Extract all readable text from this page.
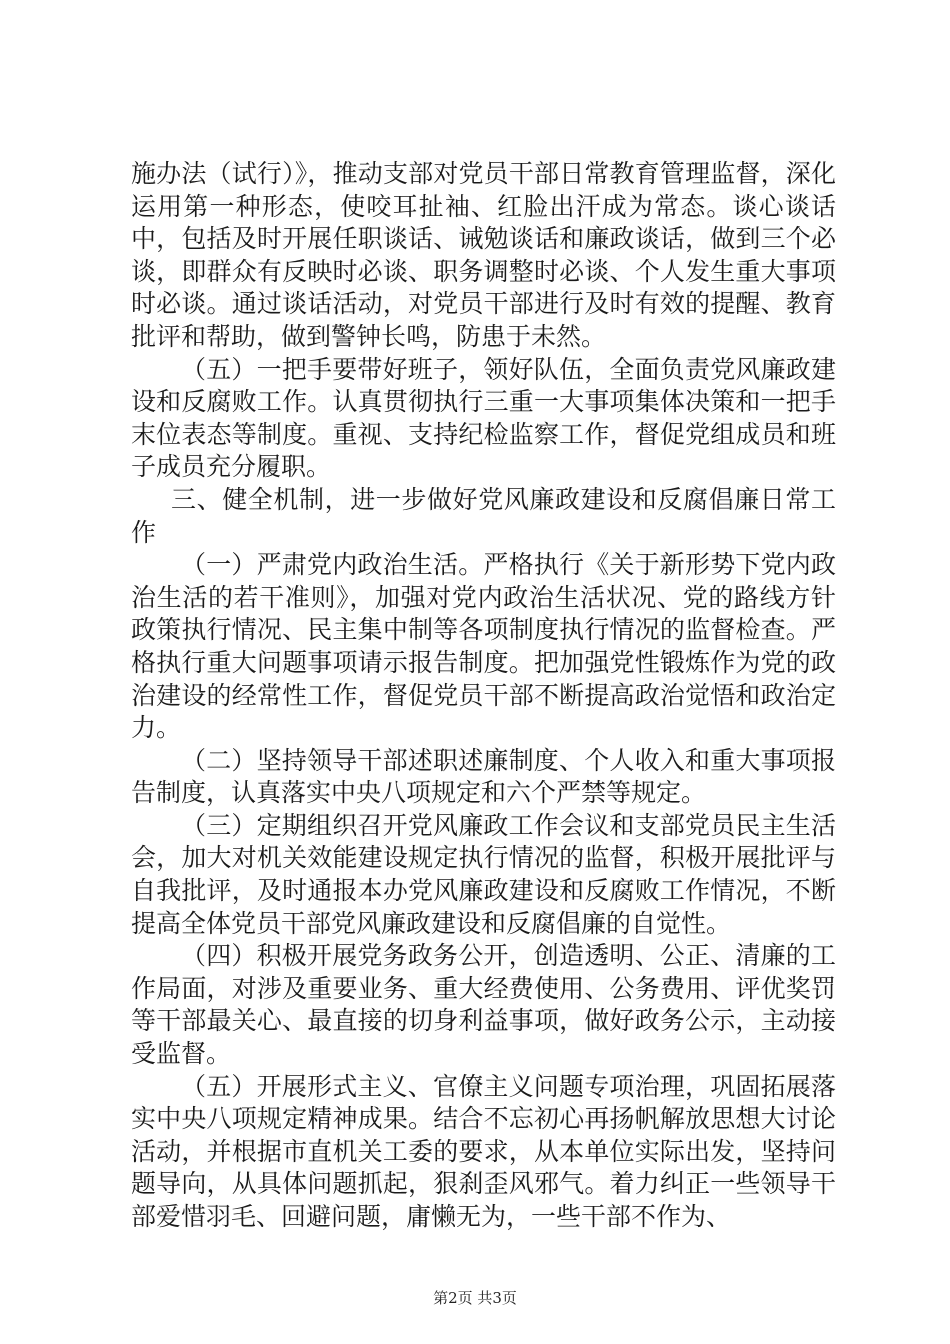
施办法（试行）》，推动支部对党员干部日常教育管理监督，深化运用第一种形态，使咬耳扯袖、红脸出汗成为常态。谈心谈话中，包括及时开展任职谈话、诫勉谈话和廉政谈话，做到三个必谈，即群众有反映时必谈、职务调整时必谈、个人发生重大事项时必谈。通过谈话活动，对党员干部进行及时有效的提醒、教育批评和帮助，做到警钟长鸣，防患于未然。

（五）一把手要带好班子，领好队伍，全面负责党风廉政建设和反腐败工作。认真贯彻执行三重一大事项集体决策和一把手末位表态等制度。重视、支持纪检监察工作，督促党组成员和班子成员充分履职。

三、健全机制，进一步做好党风廉政建设和反腐倡廉日常工作

（一）严肃党内政治生活。严格执行《关于新形势下党内政治生活的若干准则》，加强对党内政治生活状况、党的路线方针政策执行情况、民主集中制等各项制度执行情况的监督检查。严格执行重大问题事项请示报告制度。把加强党性锻炼作为党的政治建设的经常性工作，督促党员干部不断提高政治觉悟和政治定力。

（二）坚持领导干部述职述廉制度、个人收入和重大事项报告制度，认真落实中央八项规定和六个严禁等规定。

（三）定期组织召开党风廉政工作会议和支部党员民主生活会，加大对机关效能建设规定执行情况的监督，积极开展批评与自我批评，及时通报本办党风廉政建设和反腐败工作情况，不断提高全体党员干部党风廉政建设和反腐倡廉的自觉性。

（四）积极开展党务政务公开，创造透明、公正、清廉的工作局面，对涉及重要业务、重大经费使用、公务费用、评优奖罚等干部最关心、最直接的切身利益事项，做好政务公示，主动接受监督。

（五）开展形式主义、官僚主义问题专项治理，巩固拓展落实中央八项规定精神成果。结合不忘初心再扬帆解放思想大讨论活动，并根据市直机关工委的要求，从本单位实际出发，坚持问题导向，从具体问题抓起，狠刹歪风邪气。着力纠正一些领导干部爱惜羽毛、回避问题，庸懒无为，一些干部不作为、

第2页 共3页
